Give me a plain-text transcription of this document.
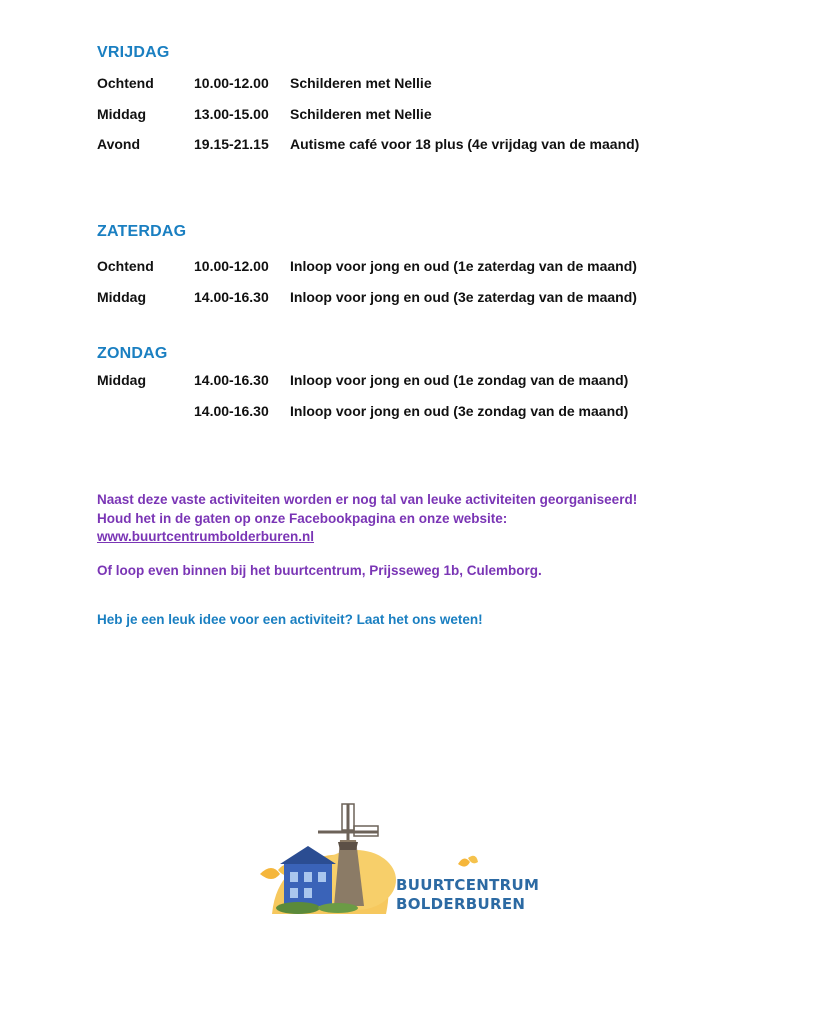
VRIJDAG
Ochtend	10.00-12.00 Schilderen met Nellie
Middag	13.00-15.00 Schilderen met Nellie
Avond	19.15-21.15 Autisme café voor 18 plus (4e vrijdag van de maand)
ZATERDAG
Ochtend	10.00-12.00 Inloop voor jong en oud (1e zaterdag van de maand)
Middag	14.00-16.30 Inloop voor jong en oud (3e zaterdag van de maand)
ZONDAG
Middag	14.00-16.30 Inloop voor jong en oud (1e zondag van de maand)
14.00-16.30 Inloop voor jong en oud (3e zondag van de maand)
Naast deze vaste activiteiten worden er nog tal van leuke activiteiten georganiseerd!
Houd het in de gaten op onze Facebookpagina en onze website:
www.buurtcentrumbolderburen.nl
Of loop even binnen bij het buurtcentrum, Prijsseweg 1b, Culemborg.
Heb je een leuk idee voor een activiteit? Laat het ons weten!
BUURTCENTRUM
BOLDERBUREN
